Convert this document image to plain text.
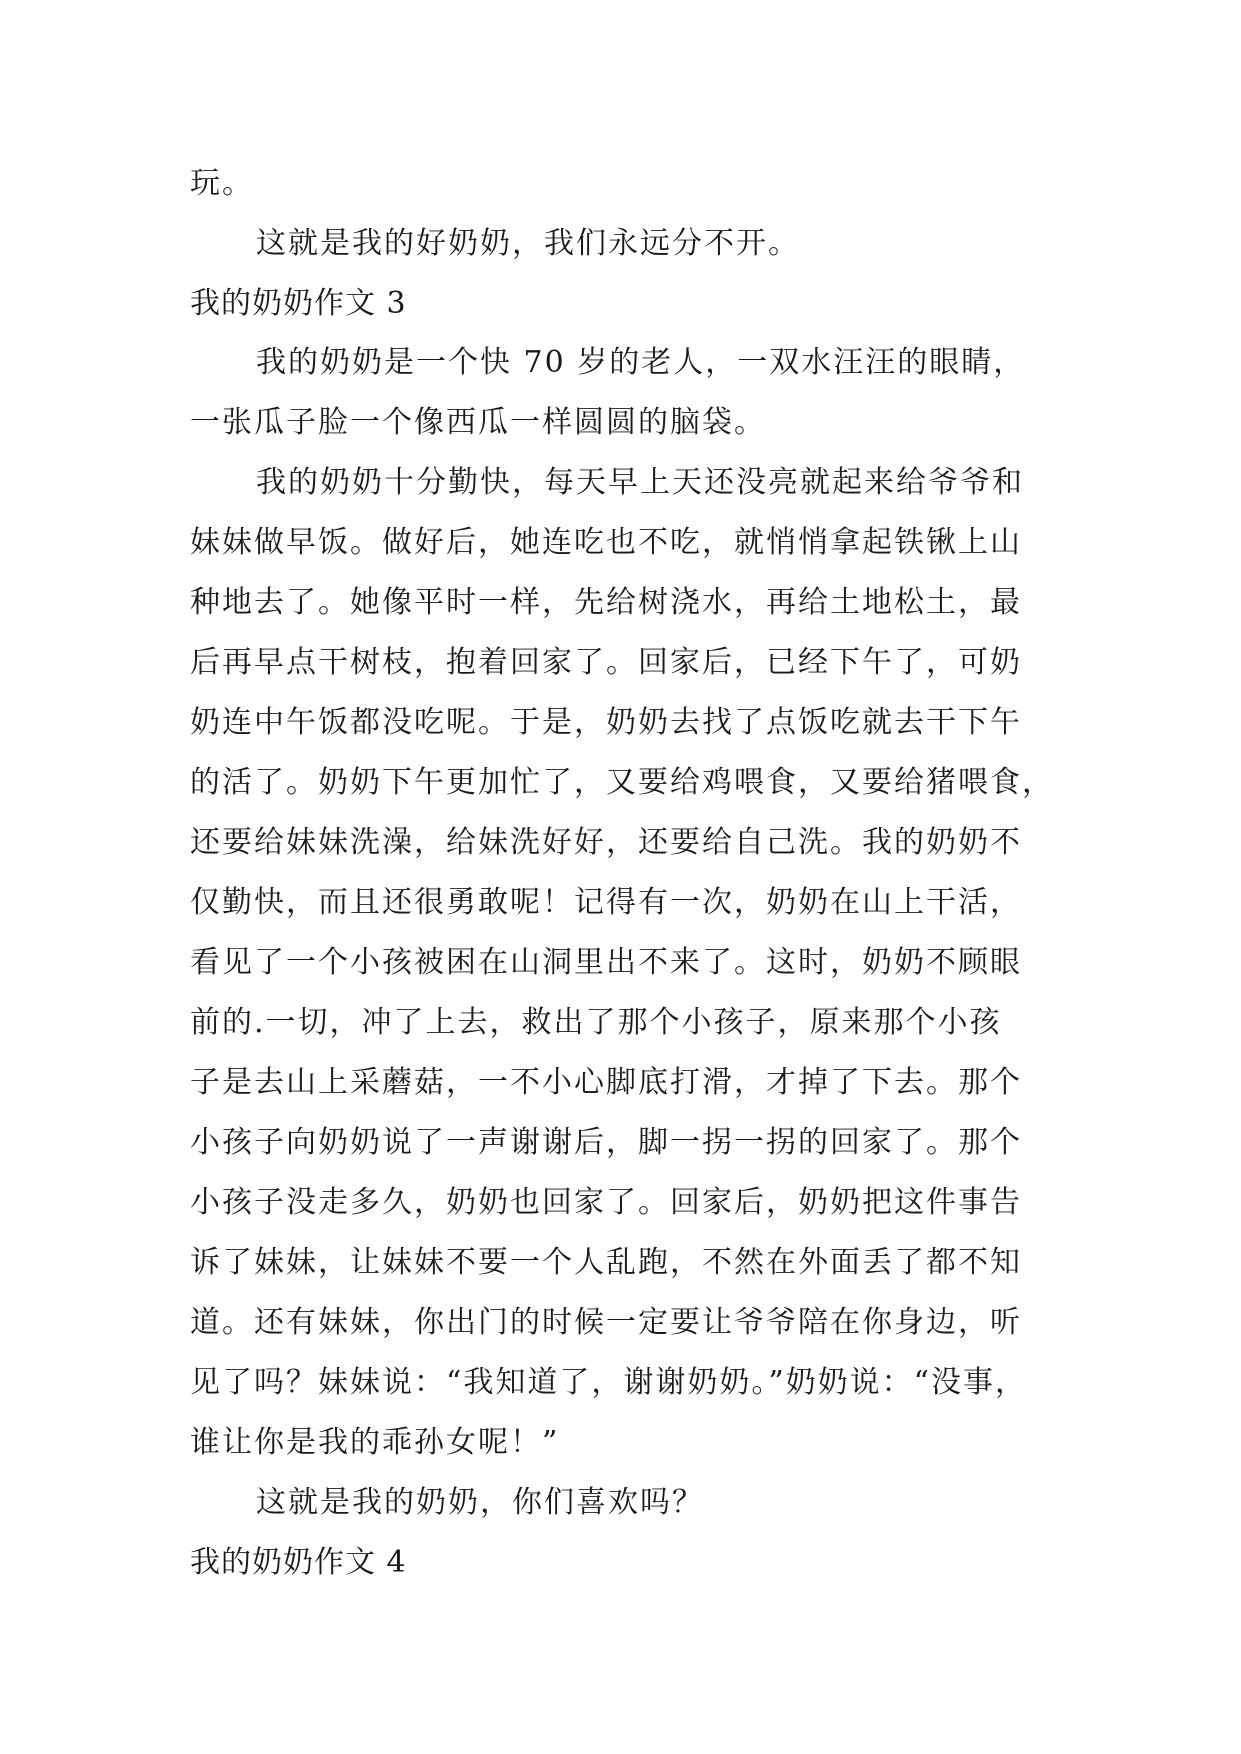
玩。
这就是我的好奶奶，我们永远分不开。
我的奶奶作文 3
我的奶奶是一个快 70 岁的老人，一双水汪汪的眼睛，
一张瓜子脸一个像西瓜一样圆圆的脑袋。
我的奶奶十分勤快，每天早上天还没亮就起来给爷爷和
妹妹做早饭。做好后，她连吃也不吃，就悄悄拿起铁锹上山
种地去了。她像平时一样，先给树浇水，再给土地松土，最
后再早点干树枝，抱着回家了。回家后，已经下午了，可奶
奶连中午饭都没吃呢。于是，奶奶去找了点饭吃就去干下午
的活了。奶奶下午更加忙了，又要给鸡喂食，又要给猪喂食，
还要给妹妹洗澡，给妹洗好好，还要给自己洗。我的奶奶不
仅勤快，而且还很勇敢呢！记得有一次，奶奶在山上干活，
看见了一个小孩被困在山洞里出不来了。这时，奶奶不顾眼
前的.一切，冲了上去，救出了那个小孩子，原来那个小孩
子是去山上采蘑菇，一不小心脚底打滑，才掉了下去。那个
小孩子向奶奶说了一声谢谢后，脚一拐一拐的回家了。那个
小孩子没走多久，奶奶也回家了。回家后，奶奶把这件事告
诉了妹妹，让妹妹不要一个人乱跑，不然在外面丢了都不知
道。还有妹妹，你出门的时候一定要让爷爷陪在你身边，听
见了吗？妹妹说：“我知道了，谢谢奶奶。”奶奶说：“没事，
谁让你是我的乖孙女呢！”
这就是我的奶奶，你们喜欢吗？
我的奶奶作文 4
